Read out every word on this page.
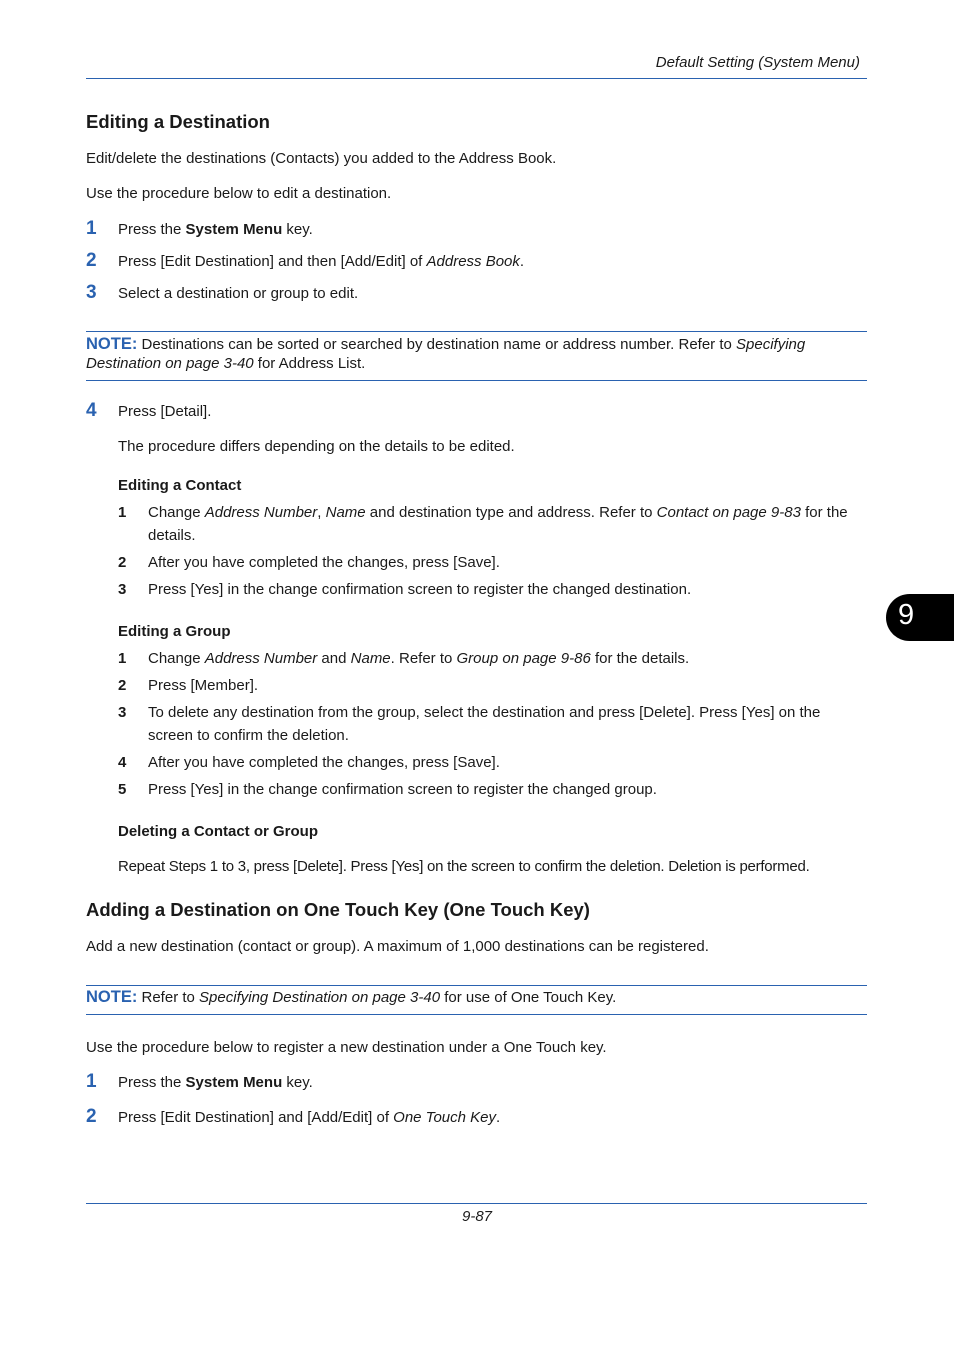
Default Setting (System Menu)
Editing a Destination
Edit/delete the destinations (Contacts) you added to the Address Book.
Use the procedure below to edit a destination.
1 Press the System Menu key.
2 Press [Edit Destination] and then [Add/Edit] of Address Book.
3 Select a destination or group to edit.
NOTE: Destinations can be sorted or searched by destination name or address number. Refer to Specifying Destination on page 3-40 for Address List.
4 Press [Detail].
The procedure differs depending on the details to be edited.
Editing a Contact
1 Change Address Number, Name and destination type and address. Refer to Contact on page 9-83 for the details.
2 After you have completed the changes, press [Save].
3 Press [Yes] in the change confirmation screen to register the changed destination.
Editing a Group
1 Change Address Number and Name. Refer to Group on page 9-86 for the details.
2 Press [Member].
3 To delete any destination from the group, select the destination and press [Delete]. Press [Yes] on the screen to confirm the deletion.
4 After you have completed the changes, press [Save].
5 Press [Yes] in the change confirmation screen to register the changed group.
Deleting a Contact or Group
Repeat Steps 1 to 3, press [Delete]. Press [Yes] on the screen to confirm the deletion. Deletion is performed.
Adding a Destination on One Touch Key (One Touch Key)
Add a new destination (contact or group). A maximum of 1,000 destinations can be registered.
NOTE: Refer to Specifying Destination on page 3-40 for use of One Touch Key.
Use the procedure below to register a new destination under a One Touch key.
1 Press the System Menu key.
2 Press [Edit Destination] and [Add/Edit] of One Touch Key.
9
9-87
